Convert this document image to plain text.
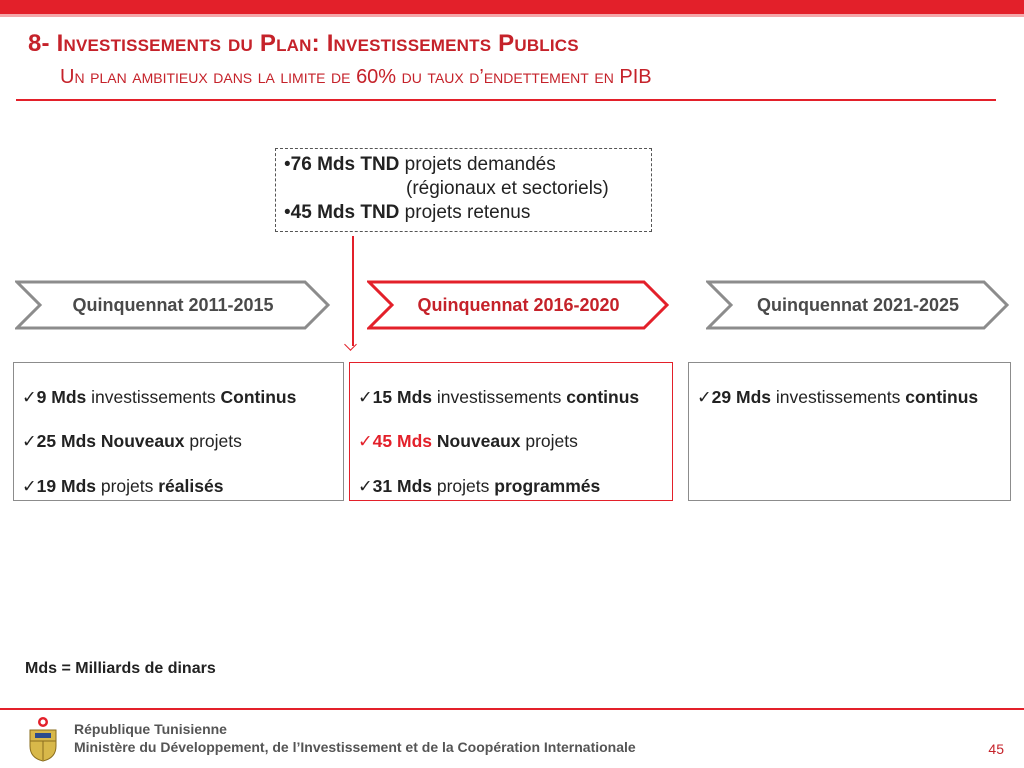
8- Investissements du Plan: Investissements Publics
Un plan ambitieux dans la limite de 60% du taux d’endettement en PIB
•76 Mds TND projets demandés
(régionaux et sectoriels)
•45 Mds TND projets retenus
Quinquennat 2011-2015	Quinquennat 2016-2020	Quinquennat 2021-2025
✓9 Mds investissements Continus
✓25 Mds Nouveaux projets
✓19 Mds projets réalisés
✓15 Mds investissements continus
✓45 Mds Nouveaux projets
✓31 Mds projets programmés
✓29 Mds investissements continus
Mds = Milliards de dinars
République Tunisienne
Ministère du Développement, de l’Investissement et de la Coopération Internationale	45
